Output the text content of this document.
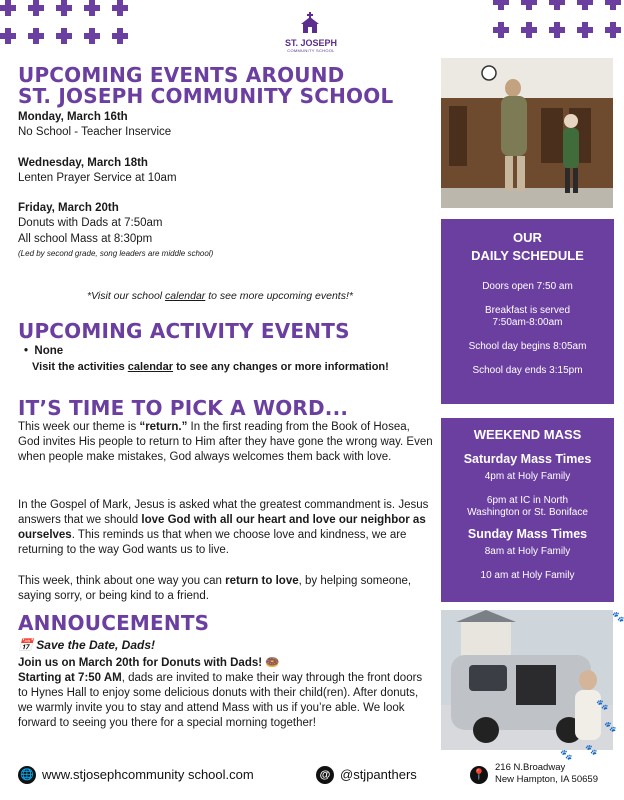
ST. JOSEPH
COMMUNITY SCHOOL
UPCOMING EVENTS AROUND
ST. JOSEPH COMMUNITY SCHOOL
Monday, March 16th
No School - Teacher Inservice
Wednesday, March 18th
Lenten Prayer Service at 10am
Friday, March 20th
Donuts with Dads at 7:50am
All school Mass at 8:30pm
(Led by second grade, song leaders are middle school)
*Visit our school calendar to see more upcoming events!*
UPCOMING ACTIVITY EVENTS
•  None
Visit the activities calendar to see any changes or more information!
IT’S TIME TO PICK A WORD...
This week our theme is “return.” In the first reading from the Book of Hosea, God invites His people to return to Him after they have gone the wrong way. Even when people make mistakes, God always welcomes them back with love.
In the Gospel of Mark, Jesus is asked what the greatest commandment is. Jesus answers that we should love God with all our heart and love our neighbor as ourselves. This reminds us that when we choose love and kindness, we are returning to the way God wants us to live.
This week, think about one way you can return to love, by helping someone, saying sorry, or being kind to a friend.
ANNOUCEMENTS
📅 Save the Date, Dads!
Join us on March 20th for Donuts with Dads! 🍩
Starting at 7:50 AM, dads are invited to make their way through the front doors to Hynes Hall to enjoy some delicious donuts with their child(ren). After donuts, we warmly invite you to stay and attend Mass with us if you’re able. We look forward to seeing you there for a special morning together!
OUR
DAILY SCHEDULE
Doors open 7:50 am
Breakfast is served
7:50am-8:00am
School day begins 8:05am
School day ends 3:15pm
WEEKEND MASS
Saturday Mass Times
4pm at Holy Family
6pm at IC in North
Washington or St. Boniface
Sunday Mass Times
8am at Holy Family
10 am at Holy Family
🐾
🐾
🐾 🐾
🐾
🌐 www.stjosephcommunity school.com	@ @stjpanthers	📍
216 N.Broadway
New Hampton, IA 50659
